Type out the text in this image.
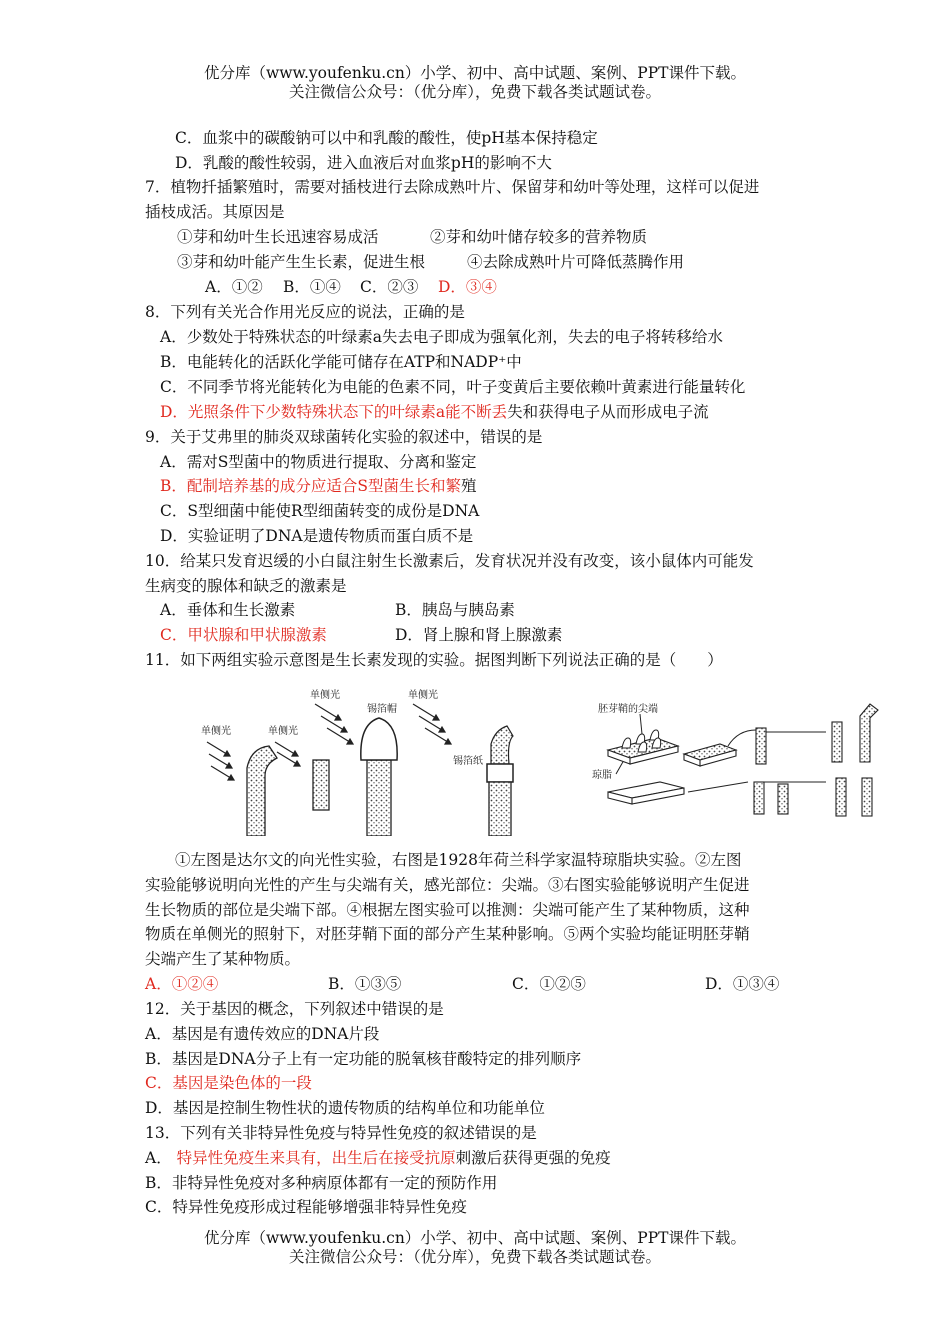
优分库（www.youfenku.cn）小学、初中、高中试题、案例、PPT课件下载。
关注微信公众号：（优分库），免费下载各类试题试卷。
C．血浆中的碳酸钠可以中和乳酸的酸性，使pH基本保持稳定
D．乳酸的酸性较弱，进入血液后对血浆pH的影响不大
7．植物扦插繁殖时，需要对插枝进行去除成熟叶片、保留芽和幼叶等处理，这样可以促进
插枝成活。其原因是
①芽和幼叶生长迅速容易成活	②芽和幼叶储存较多的营养物质
③芽和幼叶能产生生长素，促进生根	④去除成熟叶片可降低蒸腾作用
A．①② B．①④ C．②③ D．③④
8．下列有关光合作用光反应的说法，正确的是
A．少数处于特殊状态的叶绿素a失去电子即成为强氧化剂，失去的电子将转移给水
B．电能转化的活跃化学能可储存在ATP和NADP⁺中
C．不同季节将光能转化为电能的色素不同，叶子变黄后主要依赖叶黄素进行能量转化
D．光照条件下少数特殊状态下的叶绿素a能不断丢失和获得电子从而形成电子流
9．关于艾弗里的肺炎双球菌转化实验的叙述中，错误的是
A．需对S型菌中的物质进行提取、分离和鉴定
B．配制培养基的成分应适合S型菌生长和繁殖
C．S型细菌中能使R型细菌转变的成份是DNA
D．实验证明了DNA是遗传物质而蛋白质不是
10．给某只发育迟缓的小白鼠注射生长激素后，发育状况并没有改变，该小鼠体内可能发
生病变的腺体和缺乏的激素是
A．垂体和生长激素	B．胰岛与胰岛素
C．甲状腺和甲状腺激素	D．肾上腺和肾上腺激素
11．如下两组实验示意图是生长素发现的实验。据图判断下列说法正确的是（　　）
单侧光	单侧光
单侧光	单侧光
锡箔帽
锡箔纸
胚芽鞘的尖端
琼脂
①左图是达尔文的向光性实验，右图是1928年荷兰科学家温特琼脂块实验。②左图
实验能够说明向光性的产生与尖端有关，感光部位：尖端。③右图实验能够说明产生促进
生长物质的部位是尖端下部。④根据左图实验可以推测：尖端可能产生了某种物质，这种
物质在单侧光的照射下，对胚芽鞘下面的部分产生某种影响。⑤两个实验均能证明胚芽鞘
尖端产生了某种物质。
A．①②④	B．①③⑤	C．①②⑤	D．①③④
12．关于基因的概念，下列叙述中错误的是
A．基因是有遗传效应的DNA片段
B．基因是DNA分子上有一定功能的脱氧核苷酸特定的排列顺序
C．基因是染色体的一段
D．基因是控制生物性状的遗传物质的结构单位和功能单位
13．下列有关非特异性免疫与特异性免疫的叙述错误的是
A． 特异性免疫生来具有，出生后在接受抗原刺激后获得更强的免疫
B．非特异性免疫对多种病原体都有一定的预防作用
C．特异性免疫形成过程能够增强非特异性免疫
优分库（www.youfenku.cn）小学、初中、高中试题、案例、PPT课件下载。
关注微信公众号：（优分库），免费下载各类试题试卷。
